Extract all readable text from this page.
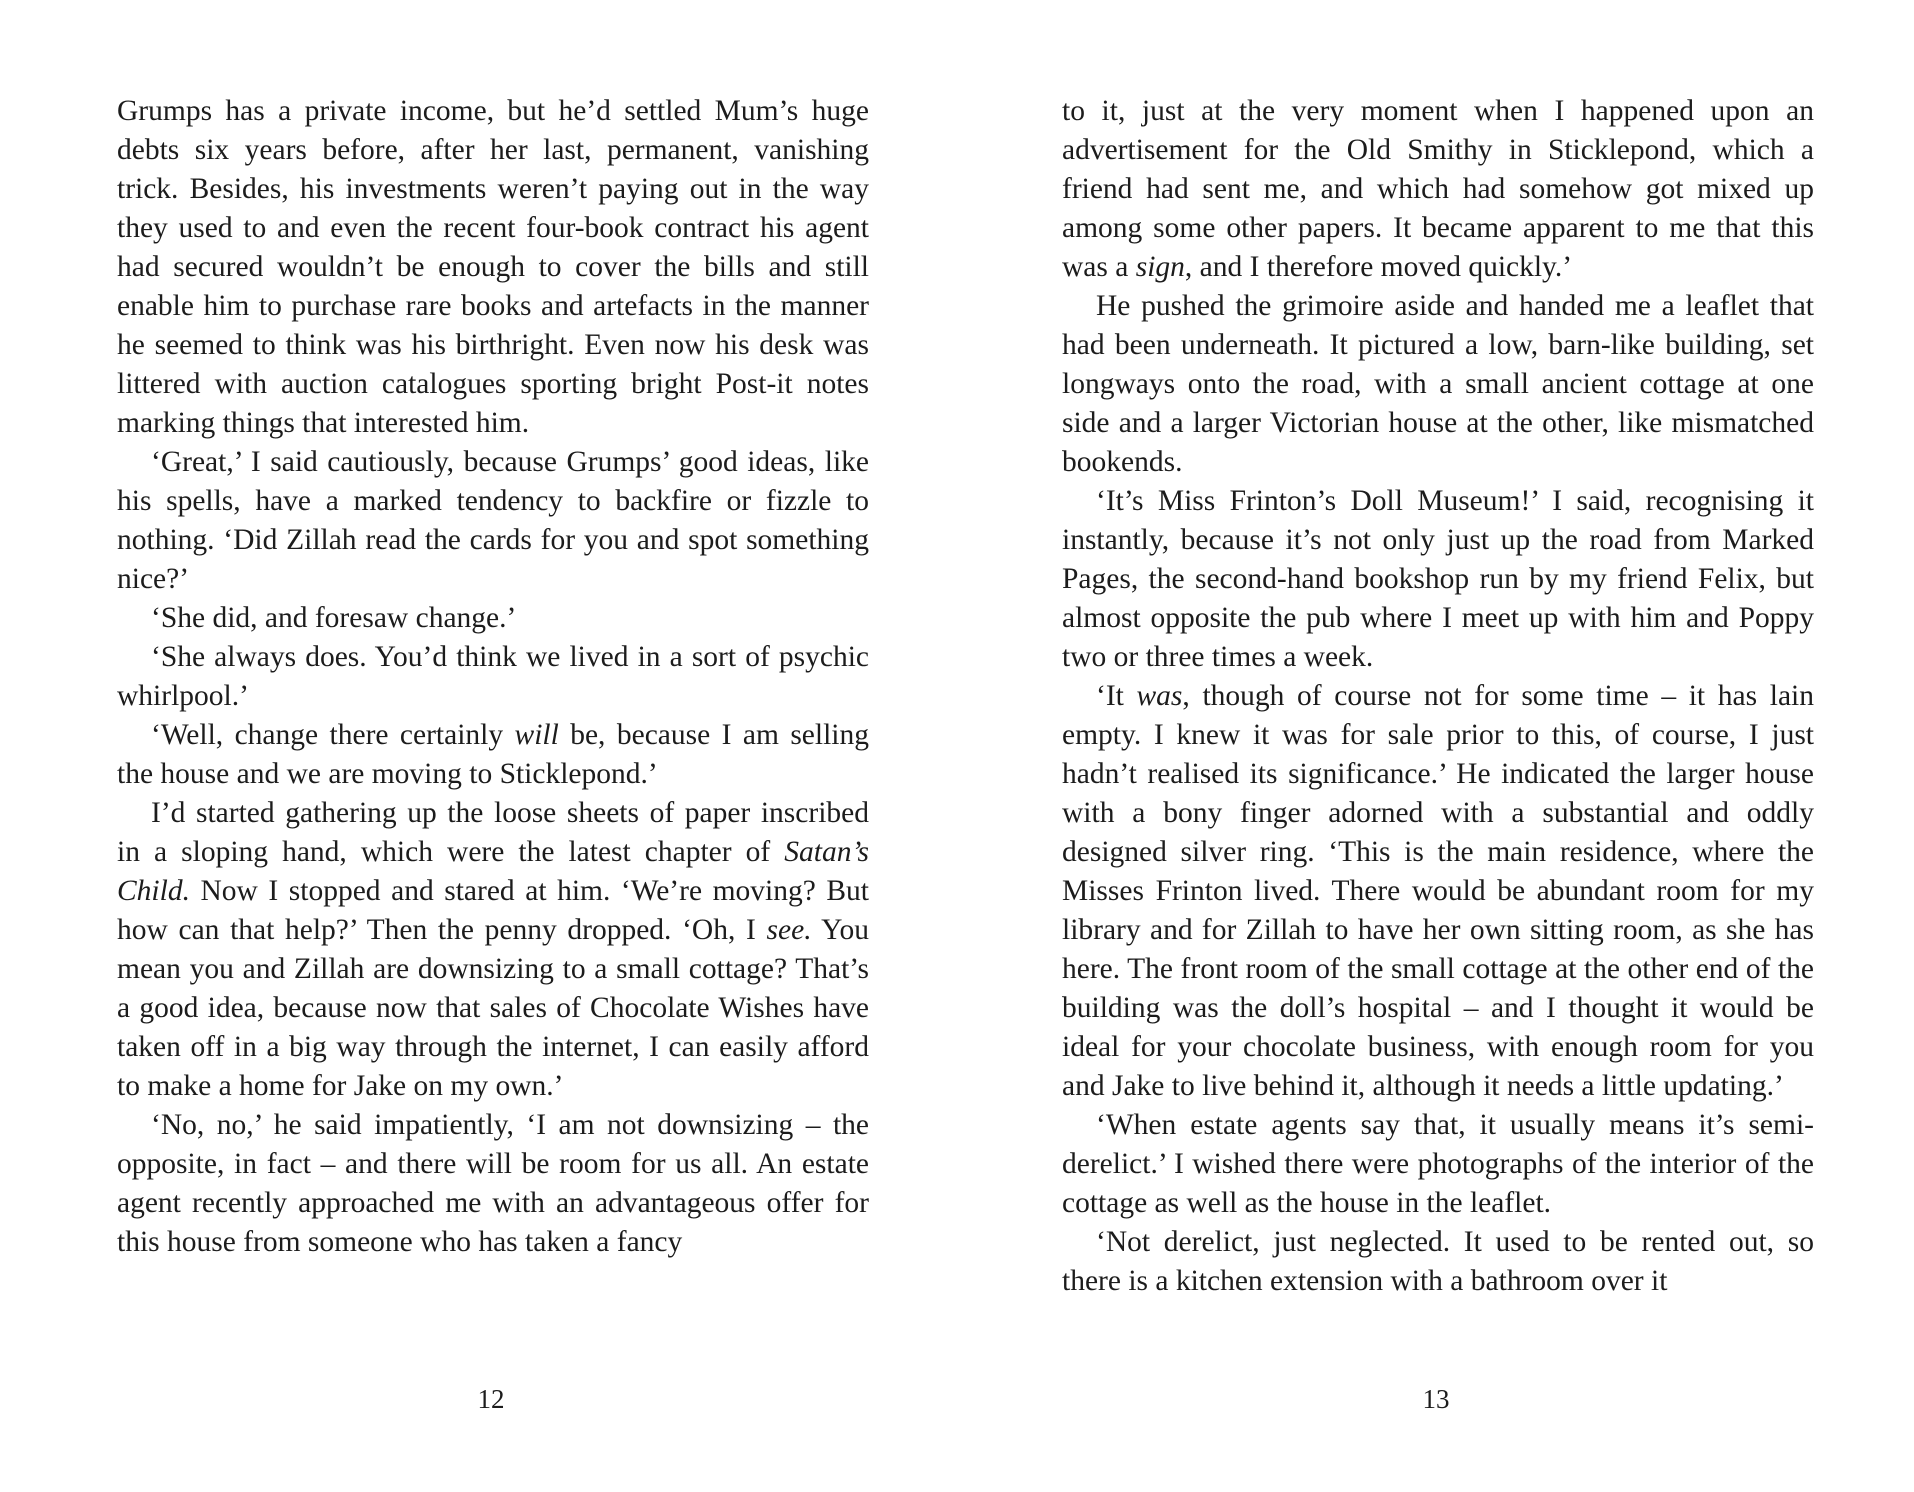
Grumps has a private income, but he’d settled Mum’s huge debts six years before, after her last, permanent, vanishing trick. Besides, his investments weren’t paying out in the way they used to and even the recent four-book contract his agent had secured wouldn’t be enough to cover the bills and still enable him to purchase rare books and artefacts in the manner he seemed to think was his birthright. Even now his desk was littered with auction catalogues sporting bright Post-it notes marking things that interested him.

‘Great,’ I said cautiously, because Grumps’ good ideas, like his spells, have a marked tendency to backfire or fizzle to nothing. ‘Did Zillah read the cards for you and spot something nice?’

‘She did, and foresaw change.’

‘She always does. You’d think we lived in a sort of psychic whirlpool.’

‘Well, change there certainly will be, because I am selling the house and we are moving to Sticklepond.’

I’d started gathering up the loose sheets of paper inscribed in a sloping hand, which were the latest chapter of Satan’s Child. Now I stopped and stared at him. ‘We’re moving? But how can that help?’ Then the penny dropped. ‘Oh, I see. You mean you and Zillah are downsizing to a small cottage? That’s a good idea, because now that sales of Chocolate Wishes have taken off in a big way through the internet, I can easily afford to make a home for Jake on my own.’

‘No, no,’ he said impatiently, ‘I am not downsizing – the opposite, in fact – and there will be room for us all. An estate agent recently approached me with an advantageous offer for this house from someone who has taken a fancy

to it, just at the very moment when I happened upon an advertisement for the Old Smithy in Sticklepond, which a friend had sent me, and which had somehow got mixed up among some other papers. It became apparent to me that this was a sign, and I therefore moved quickly.’

He pushed the grimoire aside and handed me a leaflet that had been underneath. It pictured a low, barn-like building, set longways onto the road, with a small ancient cottage at one side and a larger Victorian house at the other, like mismatched bookends.

‘It’s Miss Frinton’s Doll Museum!’ I said, recognising it instantly, because it’s not only just up the road from Marked Pages, the second-hand bookshop run by my friend Felix, but almost opposite the pub where I meet up with him and Poppy two or three times a week.

‘It was, though of course not for some time – it has lain empty. I knew it was for sale prior to this, of course, I just hadn’t realised its significance.’ He indicated the larger house with a bony finger adorned with a substantial and oddly designed silver ring. ‘This is the main residence, where the Misses Frinton lived. There would be abundant room for my library and for Zillah to have her own sitting room, as she has here. The front room of the small cottage at the other end of the building was the doll’s hospital – and I thought it would be ideal for your chocolate business, with enough room for you and Jake to live behind it, although it needs a little updating.’

‘When estate agents say that, it usually means it’s semi-derelict.’ I wished there were photographs of the interior of the cottage as well as the house in the leaflet.

‘Not derelict, just neglected. It used to be rented out, so there is a kitchen extension with a bathroom over it

12	13
